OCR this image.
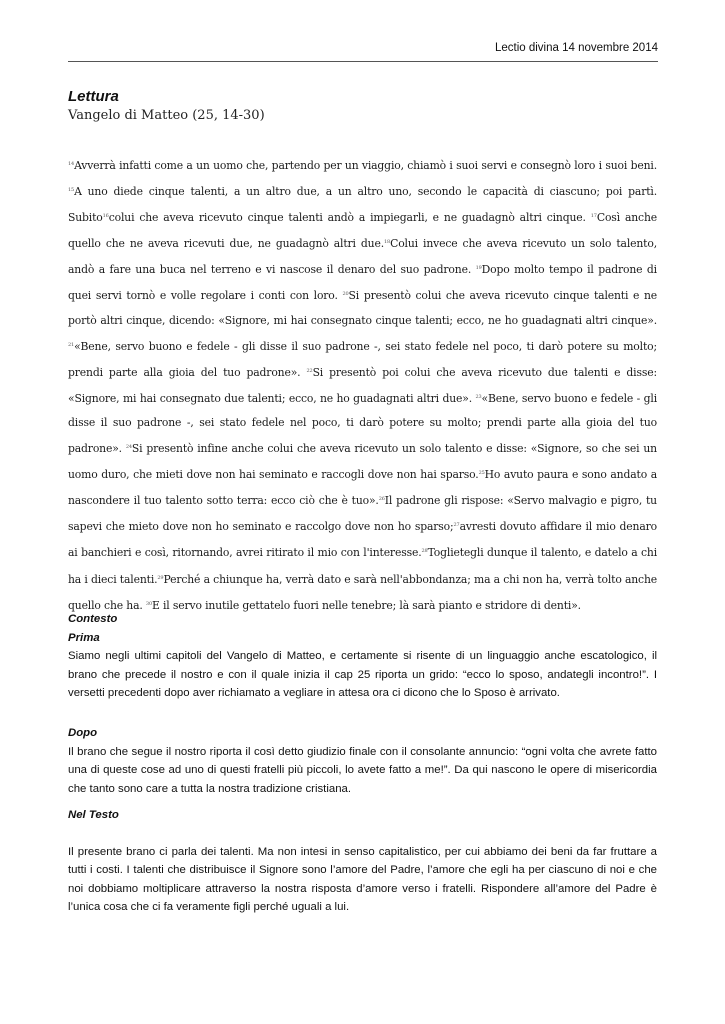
Lectio divina 14 novembre 2014
Lettura
Vangelo di Matteo (25, 14-30)
$^{14}$Avverrà infatti come a un uomo che, partendo per un viaggio, chiamò i suoi servi e consegnò loro i suoi beni. $^{15}$A uno diede cinque talenti, a un altro due, a un altro uno, secondo le capacità di ciascuno; poi partì. Subito$^{16}$colui che aveva ricevuto cinque talenti andò a impiegarli, e ne guadagnò altri cinque. $^{17}$Così anche quello che ne aveva ricevuti due, ne guadagnò altri due.$^{18}$Colui invece che aveva ricevuto un solo talento, andò a fare una buca nel terreno e vi nascose il denaro del suo padrone. $^{19}$Dopo molto tempo il padrone di quei servi tornò e volle regolare i conti con loro. $^{20}$Si presentò colui che aveva ricevuto cinque talenti e ne portò altri cinque, dicendo: «Signore, mi hai consegnato cinque talenti; ecco, ne ho guadagnati altri cinque». $^{21}$«Bene, servo buono e fedele - gli disse il suo padrone -, sei stato fedele nel poco, ti darò potere su molto; prendi parte alla gioia del tuo padrone». $^{22}$Si presentò poi colui che aveva ricevuto due talenti e disse: «Signore, mi hai consegnato due talenti; ecco, ne ho guadagnati altri due». $^{23}$«Bene, servo buono e fedele - gli disse il suo padrone -, sei stato fedele nel poco, ti darò potere su molto; prendi parte alla gioia del tuo padrone». $^{24}$Si presentò infine anche colui che aveva ricevuto un solo talento e disse: «Signore, so che sei un uomo duro, che mieti dove non hai seminato e raccogli dove non hai sparso.$^{25}$Ho avuto paura e sono andato a nascondere il tuo talento sotto terra: ecco ciò che è tuo».$^{26}$Il padrone gli rispose: «Servo malvagio e pigro, tu sapevi che mieto dove non ho seminato e raccolgo dove non ho sparso;$^{27}$avresti dovuto affidare il mio denaro ai banchieri e così, ritornando, avrei ritirato il mio con l'interesse.$^{28}$Toglietegli dunque il talento, e datelo a chi ha i dieci talenti.$^{29}$Perché a chiunque ha, verrà dato e sarà nell'abbondanza; ma a chi non ha, verrà tolto anche quello che ha. $^{30}$E il servo inutile gettatelo fuori nelle tenebre; là sarà pianto e stridore di denti».
Contesto
Prima

Siamo negli ultimi capitoli del Vangelo di Matteo, e certamente si risente di un linguaggio anche escatologico, il brano che precede il nostro e con il quale inizia il cap 25 riporta un grido: “ecco lo sposo, andategli incontro!”. I versetti precedenti dopo aver richiamato a vegliare in attesa ora ci dicono che lo Sposo è arrivato.

Dopo

Il brano che segue il nostro riporta il così detto giudizio finale con il consolante annuncio: “ogni volta che avrete fatto una di queste cose ad uno di questi fratelli più piccoli, lo avete fatto a me!”. Da qui nascono le opere di misericordia che tanto sono care a tutta la nostra tradizione cristiana.

Nel Testo

Il presente brano ci parla dei talenti. Ma non intesi in senso capitalistico, per cui abbiamo dei beni da far fruttare a tutti i costi. I talenti che distribuisce il Signore sono l’amore del Padre, l’amore che egli ha per ciascuno di noi e che noi dobbiamo moltiplicare attraverso la nostra risposta d’amore verso i fratelli. Rispondere all’amore del Padre è l’unica cosa che ci fa veramente figli perché uguali a lui.
